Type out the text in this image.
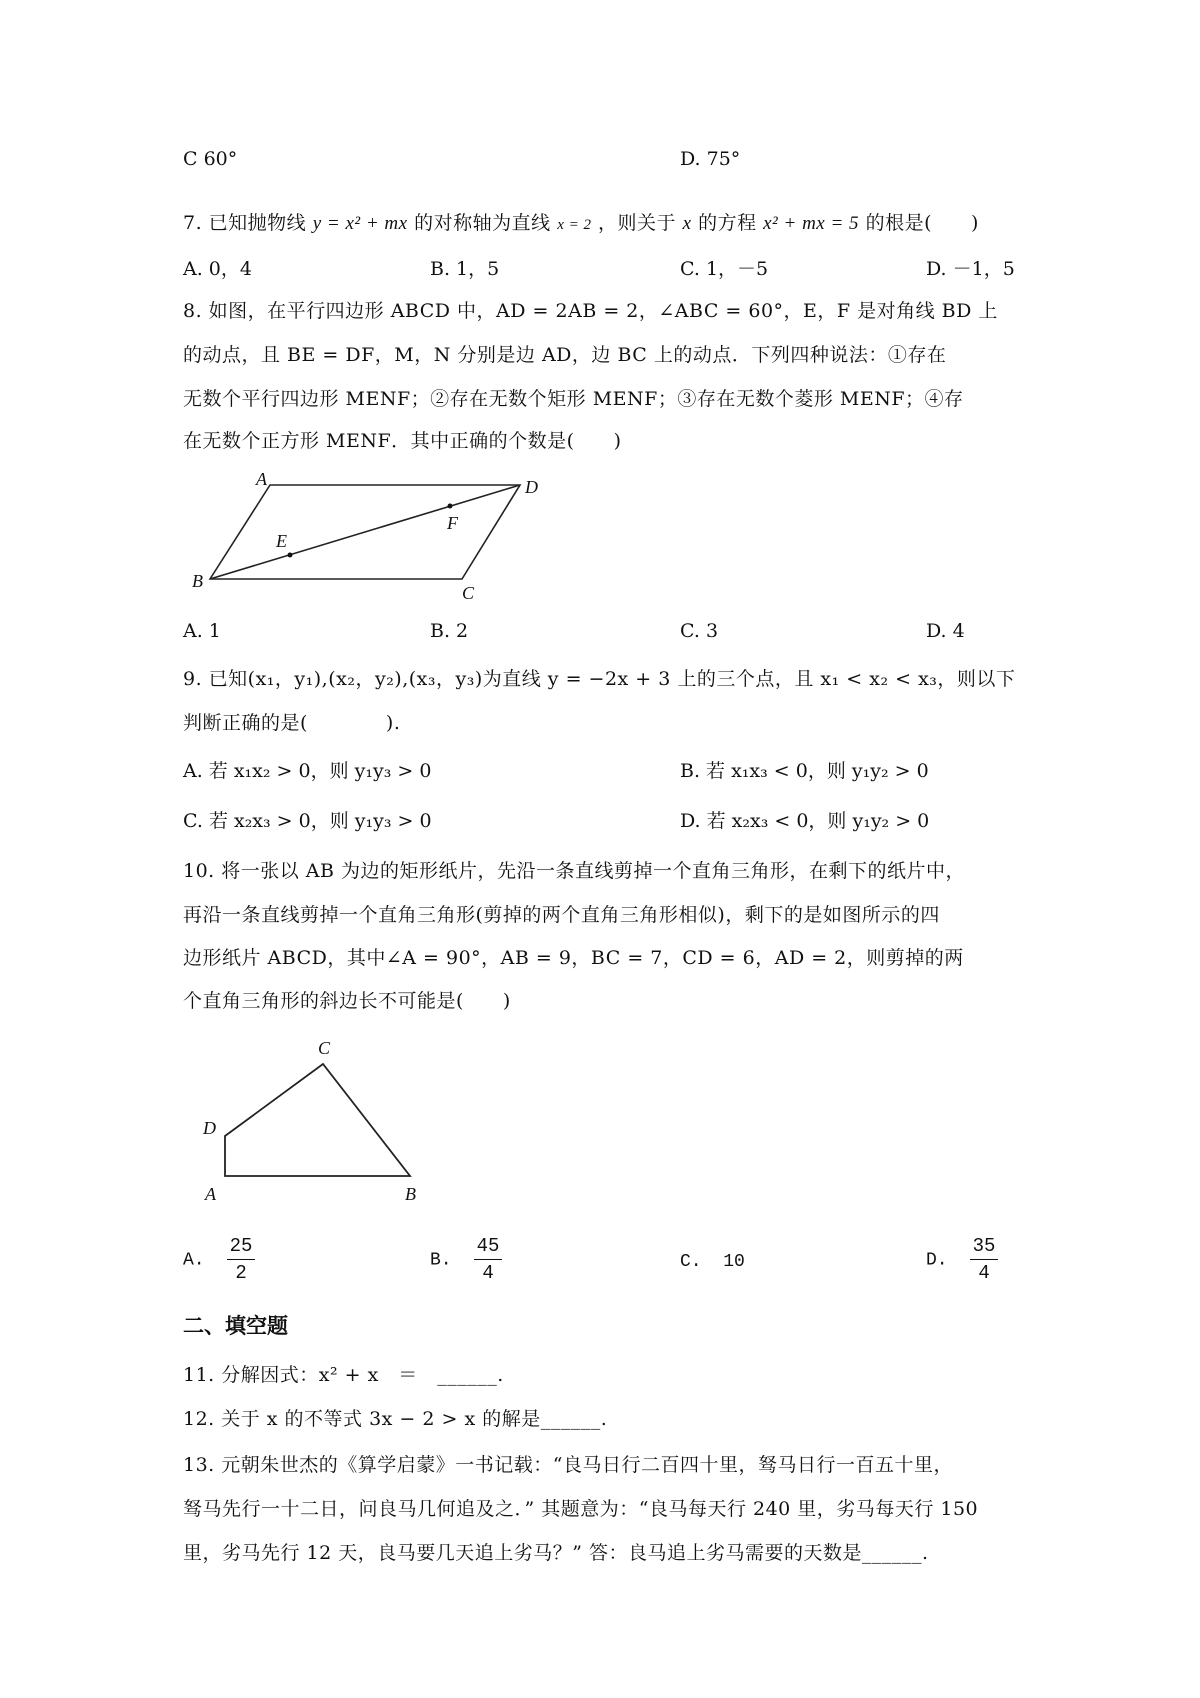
C 60°	D. 75°
7. 已知抛物线 y = x² + mx 的对称轴为直线 x = 2 ，则关于 x 的方程 x² + mx = 5 的根是(　　)
A. 0，4	B. 1，5	C. 1，－5	D. －1，5
8. 如图，在平行四边形 ABCD 中，AD = 2AB = 2，∠ABC = 60°，E，F 是对角线 BD 上
的动点，且 BE = DF，M，N 分别是边 AD，边 BC 上的动点．下列四种说法：①存在
无数个平行四边形 MENF；②存在无数个矩形 MENF；③存在无数个菱形 MENF；④存
在无数个正方形 MENF．其中正确的个数是(　　)
A	D
B
C
E
F
A. 1	B. 2	C. 3	D. 4
9. 已知(x₁，y₁),(x₂，y₂),(x₃，y₃)为直线 y = −2x + 3 上的三个点，且 x₁ < x₂ < x₃，则以下
判断正确的是(　　　　).
A. 若 x₁x₂ > 0，则 y₁y₃ > 0	B. 若 x₁x₃ < 0，则 y₁y₂ > 0
C. 若 x₂x₃ > 0，则 y₁y₃ > 0	D. 若 x₂x₃ < 0，则 y₁y₂ > 0
10. 将一张以 AB 为边的矩形纸片，先沿一条直线剪掉一个直角三角形，在剩下的纸片中，
再沿一条直线剪掉一个直角三角形(剪掉的两个直角三角形相似)，剩下的是如图所示的四
边形纸片 ABCD，其中∠A = 90°，AB = 9，BC = 7，CD = 6，AD = 2，则剪掉的两
个直角三角形的斜边长不可能是(　　)
C
D
A	B
A. $\frac{25}{2}$	B. $\frac{45}{4}$	C. 10	D. $\frac{35}{4}$
二、填空题
11. 分解因式：x² + x　＝　______.
12. 关于 x 的不等式 3x − 2 > x 的解是______.
13. 元朝朱世杰的《算学启蒙》一书记载：“良马日行二百四十里，驽马日行一百五十里，
驽马先行一十二日，问良马几何追及之．” 其题意为：“良马每天行 240 里，劣马每天行 150
里，劣马先行 12 天，良马要几天追上劣马？” 答：良马追上劣马需要的天数是______.
